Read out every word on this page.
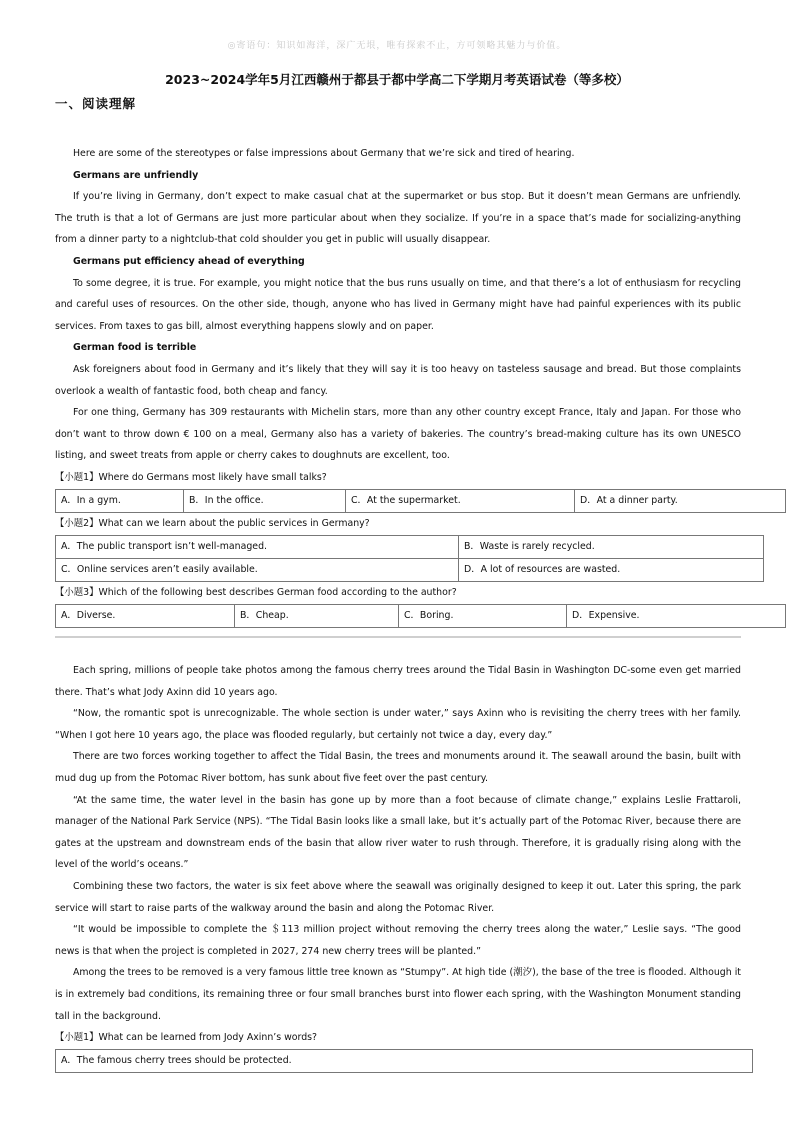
◎寄语句：知识如海洋，深广无垠，唯有探索不止，方可领略其魅力与价值。
2023~2024学年5月江西赣州于都县于都中学高二下学期月考英语试卷（等多校）
一、阅读理解

Here are some of the stereotypes or false impressions about Germany that we’re sick and tired of hearing.

Germans are unfriendly

If you’re living in Germany, don’t expect to make casual chat at the supermarket or bus stop. But it doesn’t mean Germans are unfriendly. The truth is that a lot of Germans are just more particular about when they socialize. If you’re in a space that’s made for socializing-anything from a dinner party to a nightclub-that cold shoulder you get in public will usually disappear.

Germans put efficiency ahead of everything

To some degree, it is true. For example, you might notice that the bus runs usually on time, and that there’s a lot of enthusiasm for recycling and careful uses of resources. On the other side, though, anyone who has lived in Germany might have had painful experiences with its public services. From taxes to gas bill, almost everything happens slowly and on paper.

German food is terrible

Ask foreigners about food in Germany and it’s likely that they will say it is too heavy on tasteless sausage and bread. But those complaints overlook a wealth of fantastic food, both cheap and fancy.

For one thing, Germany has 309 restaurants with Michelin stars, more than any other country except France, Italy and Japan. For those who don’t want to throw down € 100 on a meal, Germany also has a variety of bakeries. The country’s bread-making culture has its own UNESCO listing, and sweet treats from apple or cherry cakes to doughnuts are excellent, too.

【小题1】Where do Germans most likely have small talks?
A．In a gym.	B．In the office.	C．At the supermarket.	D．At a dinner party.
【小题2】What can we learn about the public services in Germany?
A．The public transport isn’t well-managed.	B．Waste is rarely recycled.
C．Online services aren’t easily available.	D．A lot of resources are wasted.
【小题3】Which of the following best describes German food according to the author?
A．Diverse.	B．Cheap.	C．Boring.	D．Expensive.

Each spring, millions of people take photos among the famous cherry trees around the Tidal Basin in Washington DC-some even get married there. That’s what Jody Axinn did 10 years ago.

“Now, the romantic spot is unrecognizable. The whole section is under water,” says Axinn who is revisiting the cherry trees with her family. “When I got here 10 years ago, the place was flooded regularly, but certainly not twice a day, every day.”

There are two forces working together to affect the Tidal Basin, the trees and monuments around it. The seawall around the basin, built with mud dug up from the Potomac River bottom, has sunk about five feet over the past century.

“At the same time, the water level in the basin has gone up by more than a foot because of climate change,” explains Leslie Frattaroli, manager of the National Park Service (NPS). “The Tidal Basin looks like a small lake, but it’s actually part of the Potomac River, because there are gates at the upstream and downstream ends of the basin that allow river water to rush through. Therefore, it is gradually rising along with the level of the world’s oceans.”

Combining these two factors, the water is six feet above where the seawall was originally designed to keep it out. Later this spring, the park service will start to raise parts of the walkway around the basin and along the Potomac River.

“It would be impossible to complete the ＄113 million project without removing the cherry trees along the water,” Leslie says. “The good news is that when the project is completed in 2027, 274 new cherry trees will be planted.”

Among the trees to be removed is a very famous little tree known as “Stumpy”. At high tide (潮汐), the base of the tree is flooded. Although it is in extremely bad conditions, its remaining three or four small branches burst into flower each spring, with the Washington Monument standing tall in the background.

【小题1】What can be learned from Jody Axinn’s words?
A．The famous cherry trees should be protected.
